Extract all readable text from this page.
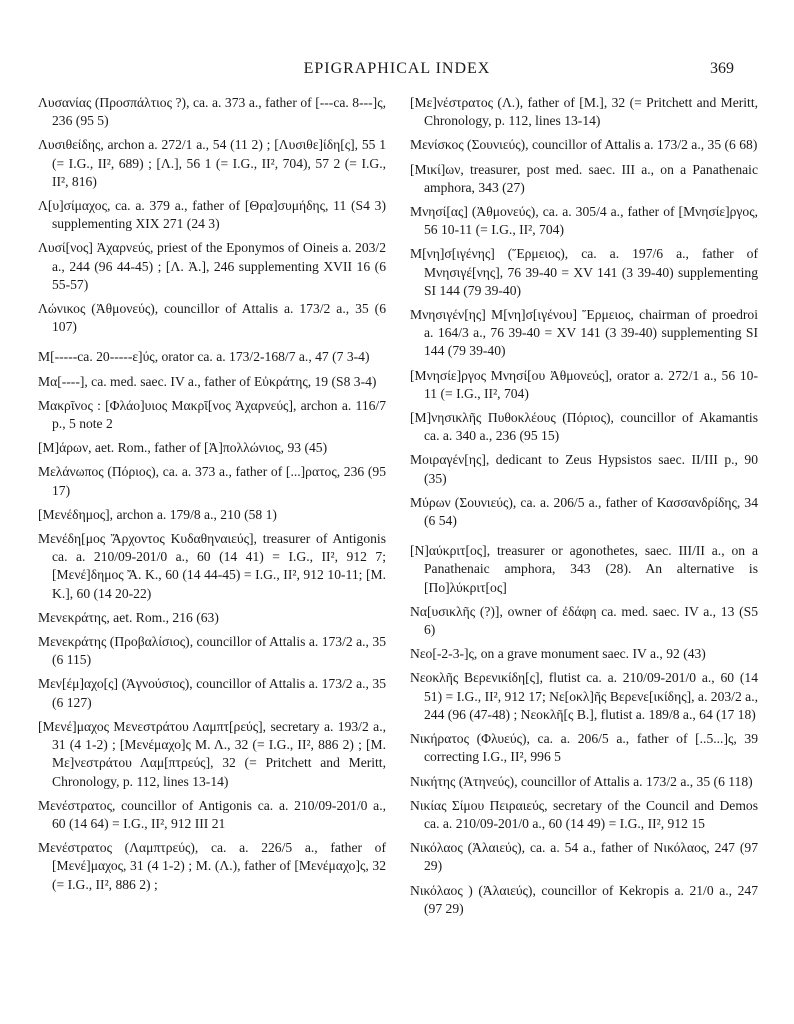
EPIGRAPHICAL INDEX	369

Λυσανίας (Προσπάλτιος ?), ca. a. 373 a., father of [---ca. 8---]ς, 236 (95 5)

Λυσιθείδης, archon a. 272/1 a., 54 (11 2) ; [Λυσιθε]ίδη[ς], 55 1 (= I.G., II², 689) ; [Λ.], 56 1 (= I.G., II², 704), 57 2 (= I.G., II², 816)

Λ[υ]σίμαχος, ca. a. 379 a., father of [Θρα]συμήδης, 11 (S4 3) supplementing XIX 271 (24 3)

Λυσί[νος] Ἀχαρνεύς, priest of the Eponymos of Oineis a. 203/2 a., 244 (96 44-45) ; [Λ. Ἀ.], 246 supplementing XVII 16 (6 55-57)

Λώνικος (Ἀθμονεύς), councillor of Attalis a. 173/2 a., 35 (6 107)

Μ[-----ca. 20-----ε]ύς, orator ca. a. 173/2-168/7 a., 47 (7 3-4)

Μα[----], ca. med. saec. IV a., father of Εὐκράτης, 19 (S8 3-4)

Μακρῖνος : [Φλάο]υιος Μακρῖ[νος Ἀχαρνεύς], archon a. 116/7 p., 5 note 2

[Μ]άρων, aet. Rom., father of [Ἀ]πολλώνιος, 93 (45)

Μελάνωπος (Πόριος), ca. a. 373 a., father of [...]ρατος, 236 (95 17)

[Μενέδημος], archon a. 179/8 a., 210 (58 1)

Μενέδη[μος Ἄρχοντος Κυδαθηναιεύς], treasurer of Antigonis ca. a. 210/09-201/0 a., 60 (14 41) = I.G., II², 912 7; [Μενέ]δημος Ἄ. Κ., 60 (14 44-45) = I.G., II², 912 10-11; [Μ. Κ.], 60 (14 20-22)

Μενεκράτης, aet. Rom., 216 (63)

Μενεκράτης (Προβαλίσιος), councillor of Attalis a. 173/2 a., 35 (6 115)

Μεν[έμ]αχο[ς] (Ἁγνούσιος), councillor of Attalis a. 173/2 a., 35 (6 127)

[Μενέ]μαχος Μενεστράτου Λαμπτ[ρεύς], secretary a. 193/2 a., 31 (4 1-2) ; [Μενέμαχο]ς Μ. Λ., 32 (= I.G., II², 886 2) ; [Μ. Με]νεστράτου Λαμ[πτρεύς], 32 (= Pritchett and Meritt, Chronology, p. 112, lines 13-14)

Μενέστρατος, councillor of Antigonis ca. a. 210/09-201/0 a., 60 (14 64) = I.G., II², 912 III 21

Μενέστρατος (Λαμπτρεύς), ca. a. 226/5 a., father of [Μενέ]μαχος, 31 (4 1-2) ; Μ. (Λ.), father of [Μενέμαχο]ς, 32 (= I.G., II², 886 2) ;

[Με]νέστρατος (Λ.), father of [Μ.], 32 (= Pritchett and Meritt, Chronology, p. 112, lines 13-14)

Μενίσκος (Σουνιεύς), councillor of Attalis a. 173/2 a., 35 (6 68)

[Μικί]ων, treasurer, post med. saec. III a., on a Panathenaic amphora, 343 (27)

Μνησί[ας] (Ἀθμονεύς), ca. a. 305/4 a., father of [Μνησίε]ργος, 56 10-11 (= I.G., II², 704)

Μ[νη]σ[ιγένης] (Ἕρμειος), ca. a. 197/6 a., father of Μνησιγέ[νης], 76 39-40 = XV 141 (3 39-40) supplementing SI 144 (79 39-40)

Μνησιγέν[ης] Μ[νη]σ[ιγένου] Ἕρμειος, chairman of proedroi a. 164/3 a., 76 39-40 = XV 141 (3 39-40) supplementing SI 144 (79 39-40)

[Μνησίε]ργος Μνησί[ου Ἀθμονεύς], orator a. 272/1 a., 56 10-11 (= I.G., II², 704)

[Μ]νησικλῆς Πυθοκλέους (Πόριος), councillor of Akamantis ca. a. 340 a., 236 (95 15)

Μοιραγέν[ης], dedicant to Zeus Hypsistos saec. II/III p., 90 (35)

Μύρων (Σουνιεύς), ca. a. 206/5 a., father of Κασσανδρίδης, 34 (6 54)

[Ν]αύκριτ[ος], treasurer or agonothetes, saec. III/II a., on a Panathenaic amphora, 343 (28). An alternative is [Πο]λύκριτ[ος]

Να[υσικλῆς (?)], owner of ἐδάφη ca. med. saec. IV a., 13 (S5 6)

Νεο[-2-3-]ς, on a grave monument saec. IV a., 92 (43)

Νεοκλῆς Βερενικίδη[ς], flutist ca. a. 210/09-201/0 a., 60 (14 51) = I.G., II², 912 17; Νε[οκλ]ῆς Βερενε[ικίδης], a. 203/2 a., 244 (96 (47-48) ; Νεοκλῆ[ς Β.], flutist a. 189/8 a., 64 (17 18)

Νικήρατος (Φλυεύς), ca. a. 206/5 a., father of [..5...]ς, 39 correcting I.G., II², 996 5

Νικήτης (Ἀτηνεύς), councillor of Attalis a. 173/2 a., 35 (6 118)

Νικίας Σίμου Πειραιεύς, secretary of the Council and Demos ca. a. 210/09-201/0 a., 60 (14 49) = I.G., II², 912 15

Νικόλαος (Ἁλαιεύς), ca. a. 54 a., father of Νικόλαος, 247 (97 29)

Νικόλαος ) (Ἁλαιεύς), councillor of Kekropis a. 21/0 a., 247 (97 29)
